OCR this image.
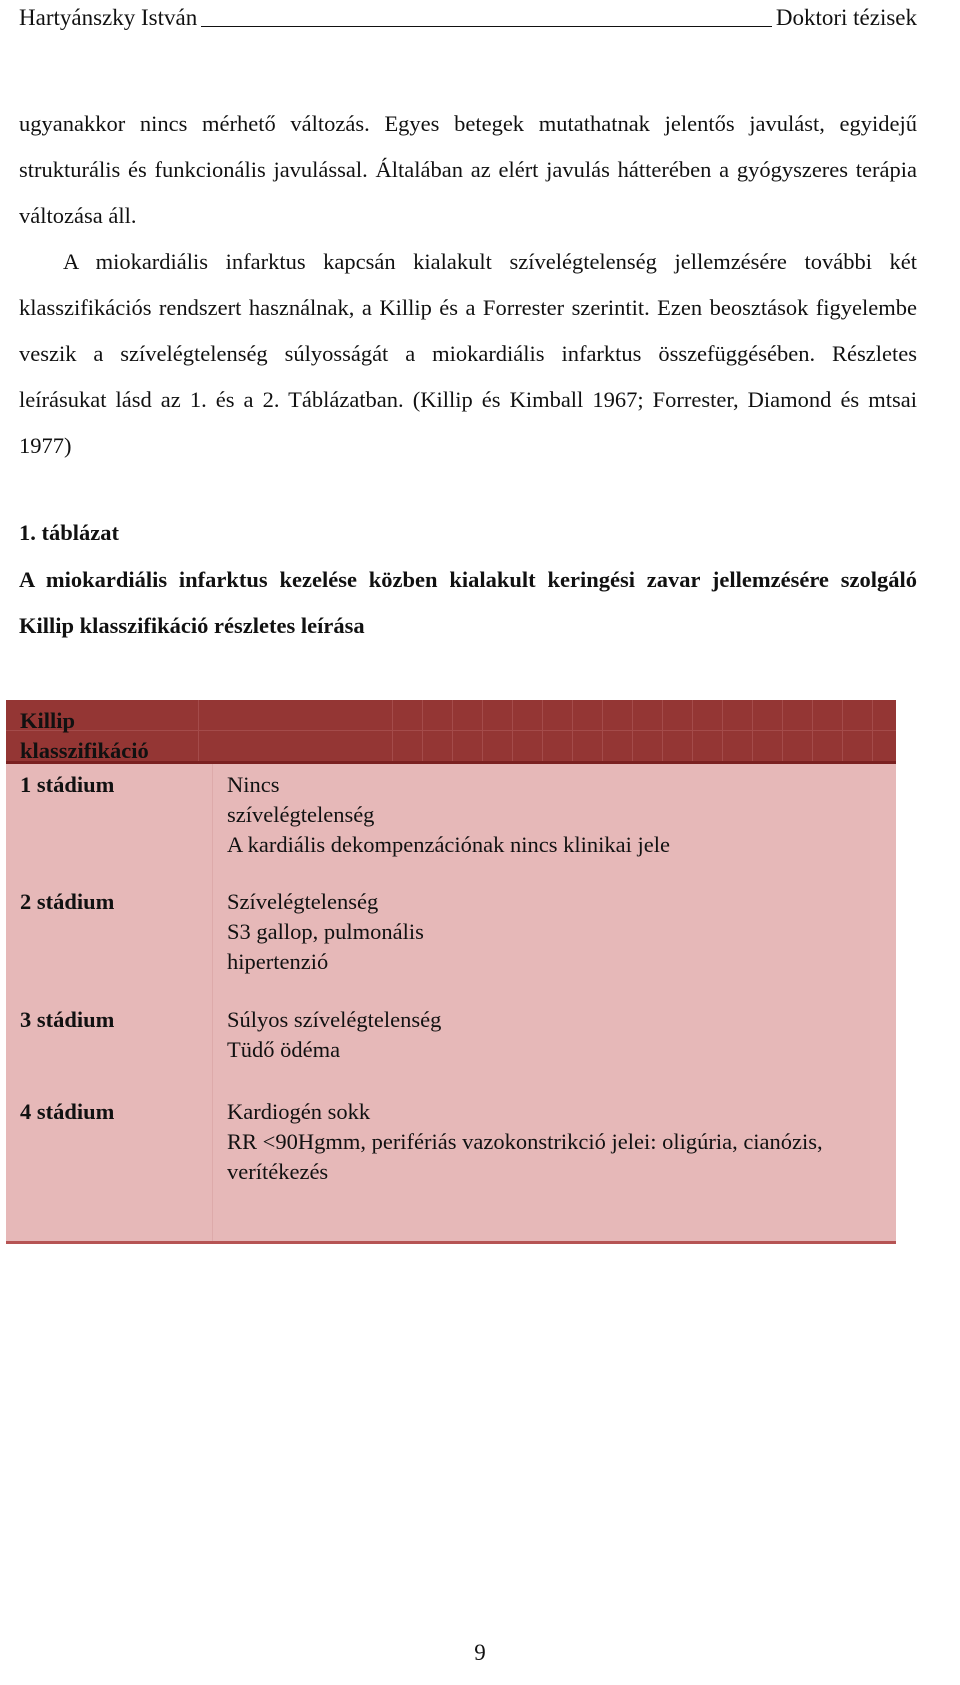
Hartyánszky István	Doktori tézisek
ugyanakkor nincs mérhető változás. Egyes betegek mutathatnak jelentős javulást, egyidejű strukturális és funkcionális javulással. Általában az elért javulás hátterében a gyógyszeres terápia változása áll.
A miokardiális infarktus kapcsán kialakult szívelégtelenség jellemzésére további két klasszifikációs rendszert használnak, a Killip és a Forrester szerintit. Ezen beosztások figyelembe veszik a szívelégtelenség súlyosságát a miokardiális infarktus összefüggésében. Részletes leírásukat lásd az 1. és a 2. Táblázatban. (Killip és Kimball 1967; Forrester, Diamond és mtsai 1977)
1. táblázat
A miokardiális infarktus kezelése közben kialakult keringési zavar jellemzésére szolgáló Killip klasszifikáció részletes leírása
Killip
klasszifikáció
1 stádium	Nincs
szívelégtelenség
A kardiális dekompenzációnak nincs klinikai jele
2 stádium	Szívelégtelenség
S3 gallop, pulmonális
hipertenzió
3 stádium	Súlyos szívelégtelenség
Tüdő ödéma
4 stádium	Kardiogén sokk
RR <90Hgmm, perifériás vazokonstrikció jelei: oligúria, cianózis,
verítékezés
9
